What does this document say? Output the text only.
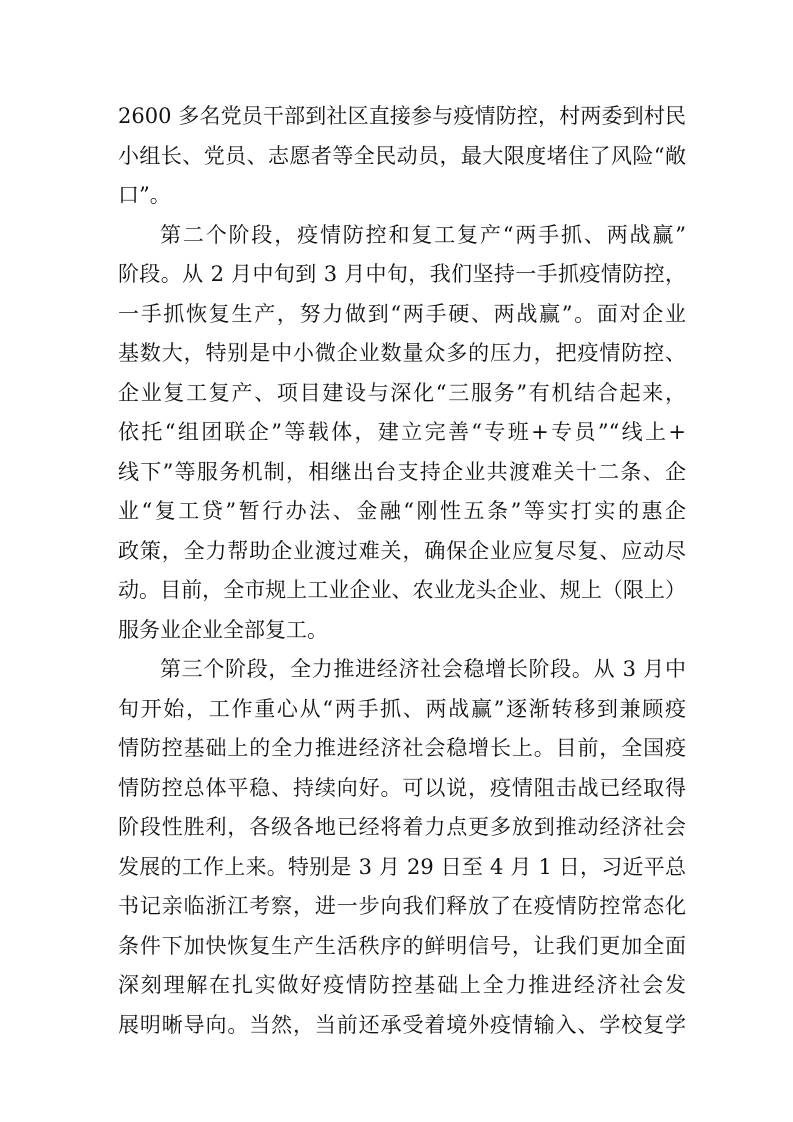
2600 多名党员干部到社区直接参与疫情防控，村两委到村民
小组长、党员、志愿者等全民动员，最大限度堵住了风险“敞
口”。
第二个阶段，疫情防控和复工复产“两手抓、两战赢”
阶段。从 2 月中旬到 3 月中旬，我们坚持一手抓疫情防控，
一手抓恢复生产，努力做到“两手硬、两战赢”。面对企业
基数大，特别是中小微企业数量众多的压力，把疫情防控、
企业复工复产、项目建设与深化“三服务”有机结合起来，
依托“组团联企”等载体，建立完善“专班+专员”“线上+
线下”等服务机制，相继出台支持企业共渡难关十二条、企
业“复工贷”暂行办法、金融“刚性五条”等实打实的惠企
政策，全力帮助企业渡过难关，确保企业应复尽复、应动尽
动。目前，全市规上工业企业、农业龙头企业、规上（限上）
服务业企业全部复工。
第三个阶段，全力推进经济社会稳增长阶段。从 3 月中
旬开始，工作重心从“两手抓、两战赢”逐渐转移到兼顾疫
情防控基础上的全力推进经济社会稳增长上。目前，全国疫
情防控总体平稳、持续向好。可以说，疫情阻击战已经取得
阶段性胜利，各级各地已经将着力点更多放到推动经济社会
发展的工作上来。特别是 3 月 29 日至 4 月 1 日，习近平总
书记亲临浙江考察，进一步向我们释放了在疫情防控常态化
条件下加快恢复生产生活秩序的鲜明信号，让我们更加全面
深刻理解在扎实做好疫情防控基础上全力推进经济社会发
展明晰导向。当然，当前还承受着境外疫情输入、学校复学
